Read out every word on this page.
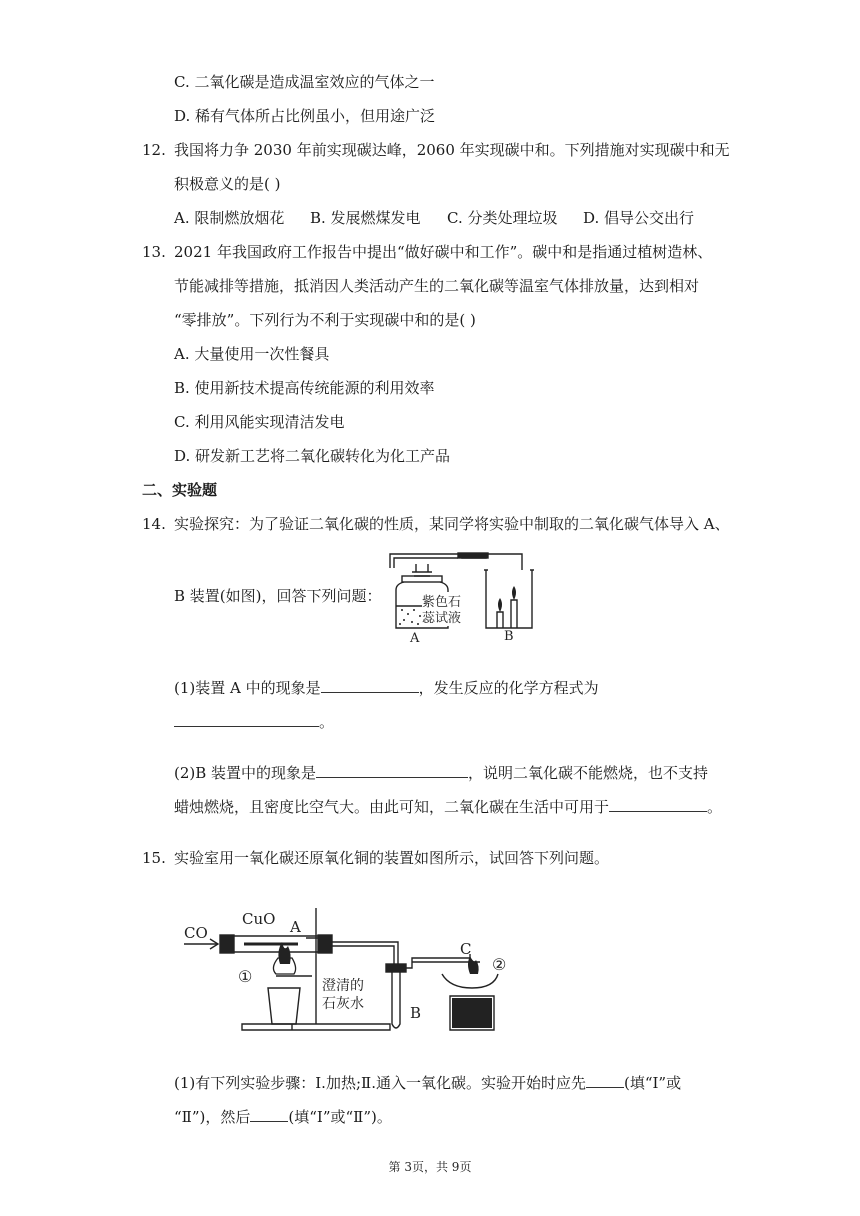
C. 二氧化碳是造成温室效应的气体之一
D. 稀有气体所占比例虽小，但用途广泛
12. 我国将力争 2030 年前实现碳达峰，2060 年实现碳中和。下列措施对实现碳中和无
积极意义的是( )
A. 限制燃放烟花 B. 发展燃煤发电 C. 分类处理垃圾 D. 倡导公交出行
13. 2021 年我国政府工作报告中提出“做好碳中和工作”。碳中和是指通过植树造林、
节能减排等措施，抵消因人类活动产生的二氧化碳等温室气体排放量，达到相对
“零排放”。下列行为不利于实现碳中和的是( )
A. 大量使用一次性餐具
B. 使用新技术提高传统能源的利用效率
C. 利用风能实现清洁发电
D. 研发新工艺将二氧化碳转化为化工产品
二、实验题
14. 实验探究：为了验证二氧化碳的性质，某同学将实验中制取的二氧化碳气体导入 A、
B 装置(如图)，回答下列问题：	紫色石
蕊试液
A	B
(1)装置 A 中的现象是	，发生反应的化学方程式为
。
(2)B 装置中的现象是	，说明二氧化碳不能燃烧，也不支持
蜡烛燃烧，且密度比空气大。由此可知，二氧化碳在生活中可用于	。
15. 实验室用一氧化碳还原氧化铜的装置如图所示，试回答下列问题。
CO
CuO A
B
C
①
②
澄清的
石灰水
(1)有下列实验步骤：Ⅰ.加热;Ⅱ.通入一氧化碳。实验开始时应先	(填“Ⅰ”或
“Ⅱ”)，然后	(填“Ⅰ”或“Ⅱ”)。
第 3页，共 9页
